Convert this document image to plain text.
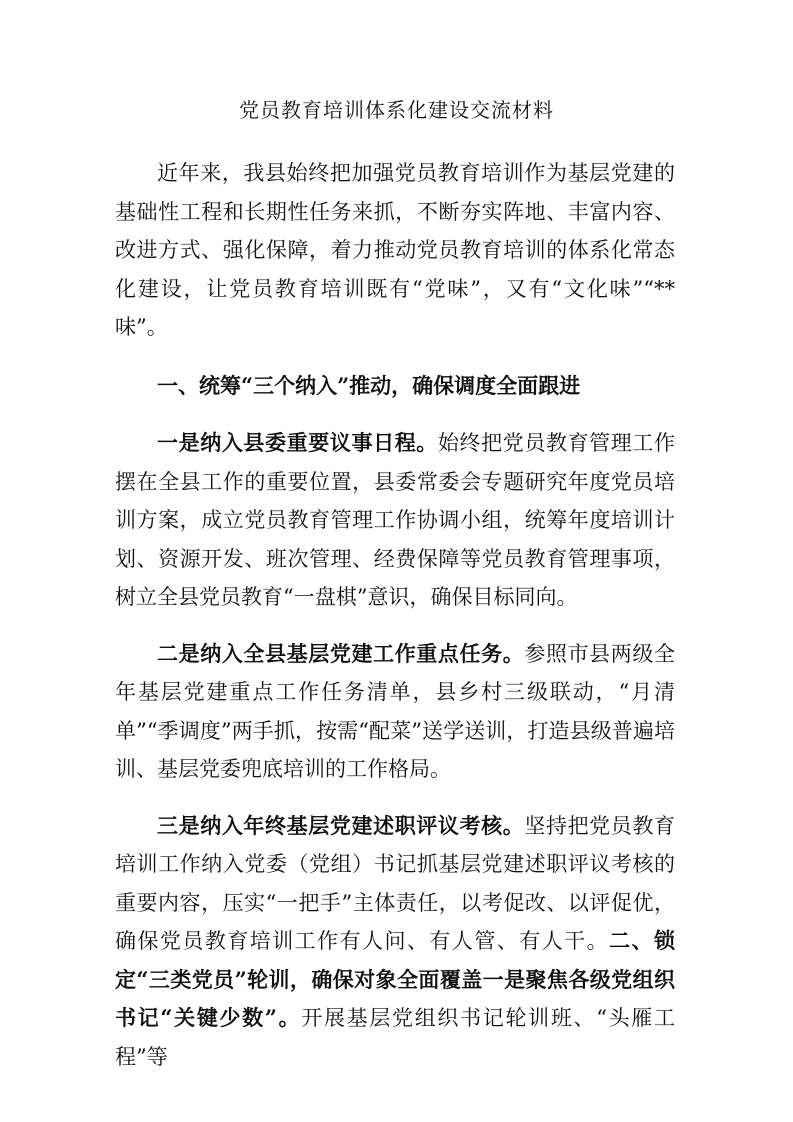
党员教育培训体系化建设交流材料

近年来，我县始终把加强党员教育培训作为基层党建的基础性工程和长期性任务来抓，不断夯实阵地、丰富内容、改进方式、强化保障，着力推动党员教育培训的体系化常态化建设，让党员教育培训既有“党味”，又有“文化味”“**味”。

一、统筹“三个纳入”推动，确保调度全面跟进

一是纳入县委重要议事日程。始终把党员教育管理工作摆在全县工作的重要位置，县委常委会专题研究年度党员培训方案，成立党员教育管理工作协调小组，统筹年度培训计划、资源开发、班次管理、经费保障等党员教育管理事项，树立全县党员教育“一盘棋”意识，确保目标同向。

二是纳入全县基层党建工作重点任务。参照市县两级全年基层党建重点工作任务清单，县乡村三级联动，“月清单”“季调度”两手抓，按需“配菜”送学送训，打造县级普遍培训、基层党委兜底培训的工作格局。

三是纳入年终基层党建述职评议考核。坚持把党员教育培训工作纳入党委（党组）书记抓基层党建述职评议考核的重要内容，压实“一把手”主体责任，以考促改、以评促优，确保党员教育培训工作有人问、有人管、有人干。二、锁定“三类党员”轮训，确保对象全面覆盖一是聚焦各级党组织书记“关键少数”。开展基层党组织书记轮训班、“头雁工程”等
